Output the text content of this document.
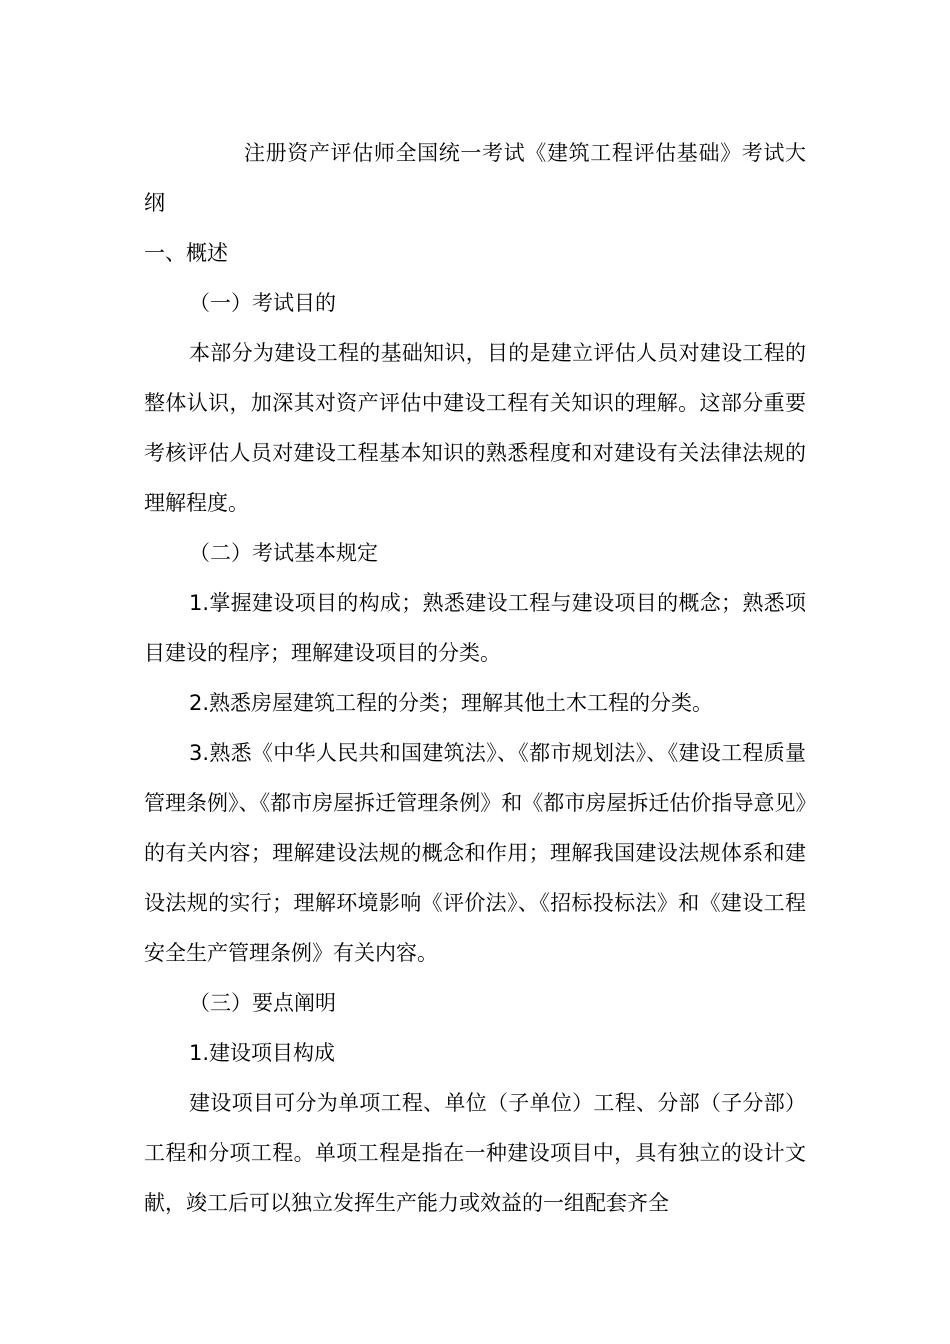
注册资产评估师全国统一考试《建筑工程评估基础》考试大纲

一、概述

（一）考试目的

本部分为建设工程的基础知识，目的是建立评估人员对建设工程的整体认识，加深其对资产评估中建设工程有关知识的理解。这部分重要考核评估人员对建设工程基本知识的熟悉程度和对建设有关法律法规的理解程度。

（二）考试基本规定

1.掌握建设项目的构成；熟悉建设工程与建设项目的概念；熟悉项目建设的程序；理解建设项目的分类。

2.熟悉房屋建筑工程的分类；理解其他土木工程的分类。

3.熟悉《中华人民共和国建筑法》、《都市规划法》、《建设工程质量管理条例》、《都市房屋拆迁管理条例》和《都市房屋拆迁估价指导意见》的有关内容；理解建设法规的概念和作用；理解我国建设法规体系和建设法规的实行；理解环境影响《评价法》、《招标投标法》和《建设工程安全生产管理条例》有关内容。

（三）要点阐明

1.建设项目构成

建设项目可分为单项工程、单位（子单位）工程、分部（子分部）工程和分项工程。单项工程是指在一种建设项目中，具有独立的设计文献，竣工后可以独立发挥生产能力或效益的一组配套齐全
